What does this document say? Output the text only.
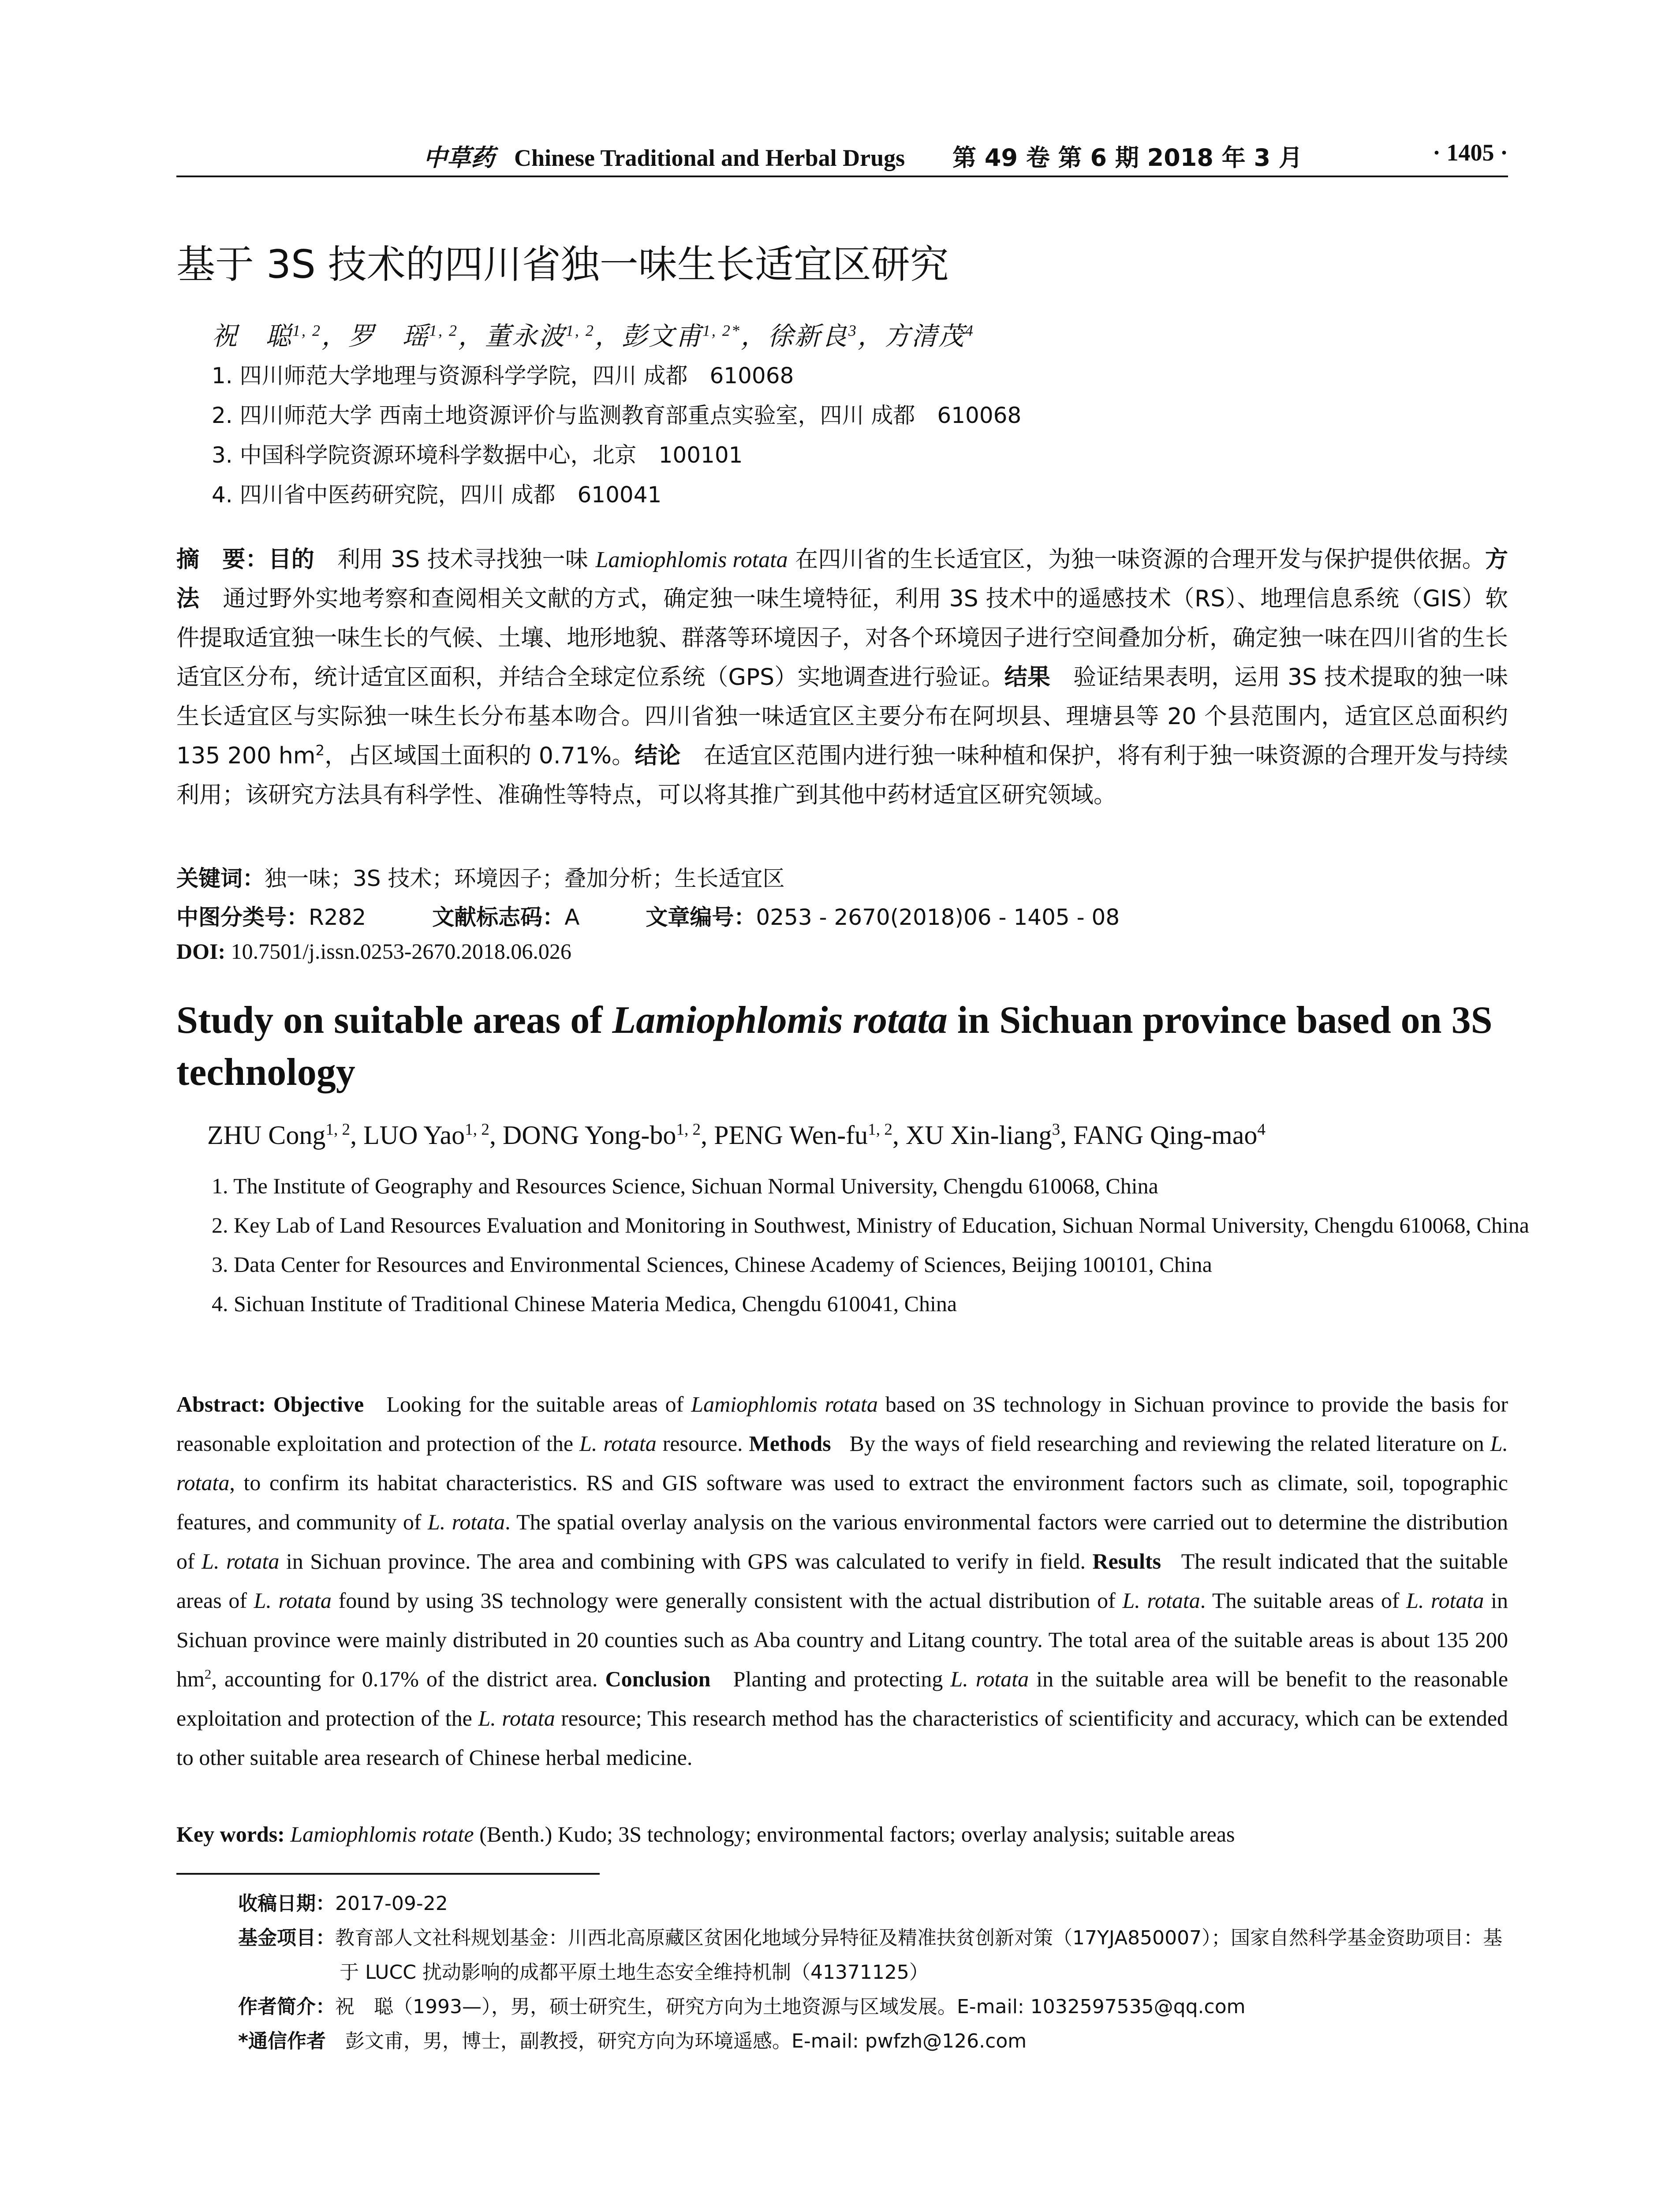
中草药 Chinese Traditional and Herbal Drugs　　 第 49 卷 第 6 期 2018 年 3 月	· 1405 ·
基于 3S 技术的四川省独一味生长适宜区研究
祝　聪$^{1, 2}$，罗　瑶$^{1, 2}$，董永波$^{1, 2}$，彭文甫$^{1, 2*}$，徐新良$^3$，方清茂$^4$
1. 四川师范大学地理与资源科学学院，四川 成都　610068
2. 四川师范大学 西南土地资源评价与监测教育部重点实验室，四川 成都　610068
3. 中国科学院资源环境科学数据中心，北京　100101
4. 四川省中医药研究院，四川 成都　610041
摘　要：目的　 利用 3S 技术寻找独一味 Lamiophlomis rotata 在四川省的生长适宜区，为独一味资源的合理开发与保护提供依据。方法　 通过野外实地考察和查阅相关文献的方式，确定独一味生境特征，利用 3S 技术中的遥感技术（RS）、地理信息系统（GIS）软件提取适宜独一味生长的气候、土壤、地形地貌、群落等环境因子，对各个环境因子进行空间叠加分析，确定独一味在四川省的生长适宜区分布，统计适宜区面积，并结合全球定位系统（GPS）实地调查进行验证。结果　 验证结果表明，运用 3S 技术提取的独一味生长适宜区与实际独一味生长分布基本吻合。四川省独一味适宜区主要分布在阿坝县、理塘县等 20 个县范围内，适宜区总面积约 135 200 $hm^2$，占区域国土面积的 0.71%。结论　 在适宜区范围内进行独一味种植和保护，将有利于独一味资源的合理开发与持续利用；该研究方法具有科学性、准确性等特点，可以将其推广到其他中药材适宜区研究领域。
关键词：独一味；3S 技术；环境因子；叠加分析；生长适宜区
中图分类号：R282	文献标志码：A	文章编号：0253 - 2670(2018)06 - 1405 - 08
DOI: 10.7501/j.issn.0253-2670.2018.06.026
Study on suitable areas of Lamiophlomis rotata in Sichuan province based on 3S technology
ZHU Cong$^{1, 2}$, LUO Yao$^{1, 2}$, DONG Yong-bo$^{1, 2}$, PENG Wen-fu$^{1, 2}$, XU Xin-liang$^3$, FANG Qing-mao$^4$
1. The Institute of Geography and Resources Science, Sichuan Normal University, Chengdu 610068, China
2. Key Lab of Land Resources Evaluation and Monitoring in Southwest, Ministry of Education, Sichuan Normal University, Chengdu 610068, China
3. Data Center for Resources and Environmental Sciences, Chinese Academy of Sciences, Beijing 100101, China
4. Sichuan Institute of Traditional Chinese Materia Medica, Chengdu 610041, China
Abstract: Objective Looking for the suitable areas of Lamiophlomis rotata based on 3S technology in Sichuan province to provide the basis for reasonable exploitation and protection of the L. rotata resource. Methods By the ways of field researching and reviewing the related literature on L. rotata, to confirm its habitat characteristics. RS and GIS software was used to extract the environment factors such as climate, soil, topographic features, and community of L. rotata. The spatial overlay analysis on the various environmental factors were carried out to determine the distribution of L. rotata in Sichuan province. The area and combining with GPS was calculated to verify in field. Results The result indicated that the suitable areas of L. rotata found by using 3S technology were generally consistent with the actual distribution of L. rotata. The suitable areas of L. rotata in Sichuan province were mainly distributed in 20 counties such as Aba country and Litang country. The total area of the suitable areas is about 135 200 $hm^2$, accounting for 0.17% of the district area. Conclusion Planting and protecting L. rotata in the suitable area will be benefit to the reasonable exploitation and protection of the L. rotata resource; This research method has the characteristics of scientificity and accuracy, which can be extended to other suitable area research of Chinese herbal medicine.
Key words: Lamiophlomis rotate (Benth.) Kudo; 3S technology; environmental factors; overlay analysis; suitable areas
收稿日期：2017-09-22
基金项目：教育部人文社科规划基金：川西北高原藏区贫困化地域分异特征及精准扶贫创新对策（17YJA850007）；国家自然科学基金资助项目：基于 LUCC 扰动影响的成都平原土地生态安全维持机制（41371125）
作者简介：祝　聪（1993—），男，硕士研究生，研究方向为土地资源与区域发展。E-mail: 1032597535@qq.com
*通信作者　 彭文甫，男，博士，副教授，研究方向为环境遥感。E-mail: pwfzh@126.com
